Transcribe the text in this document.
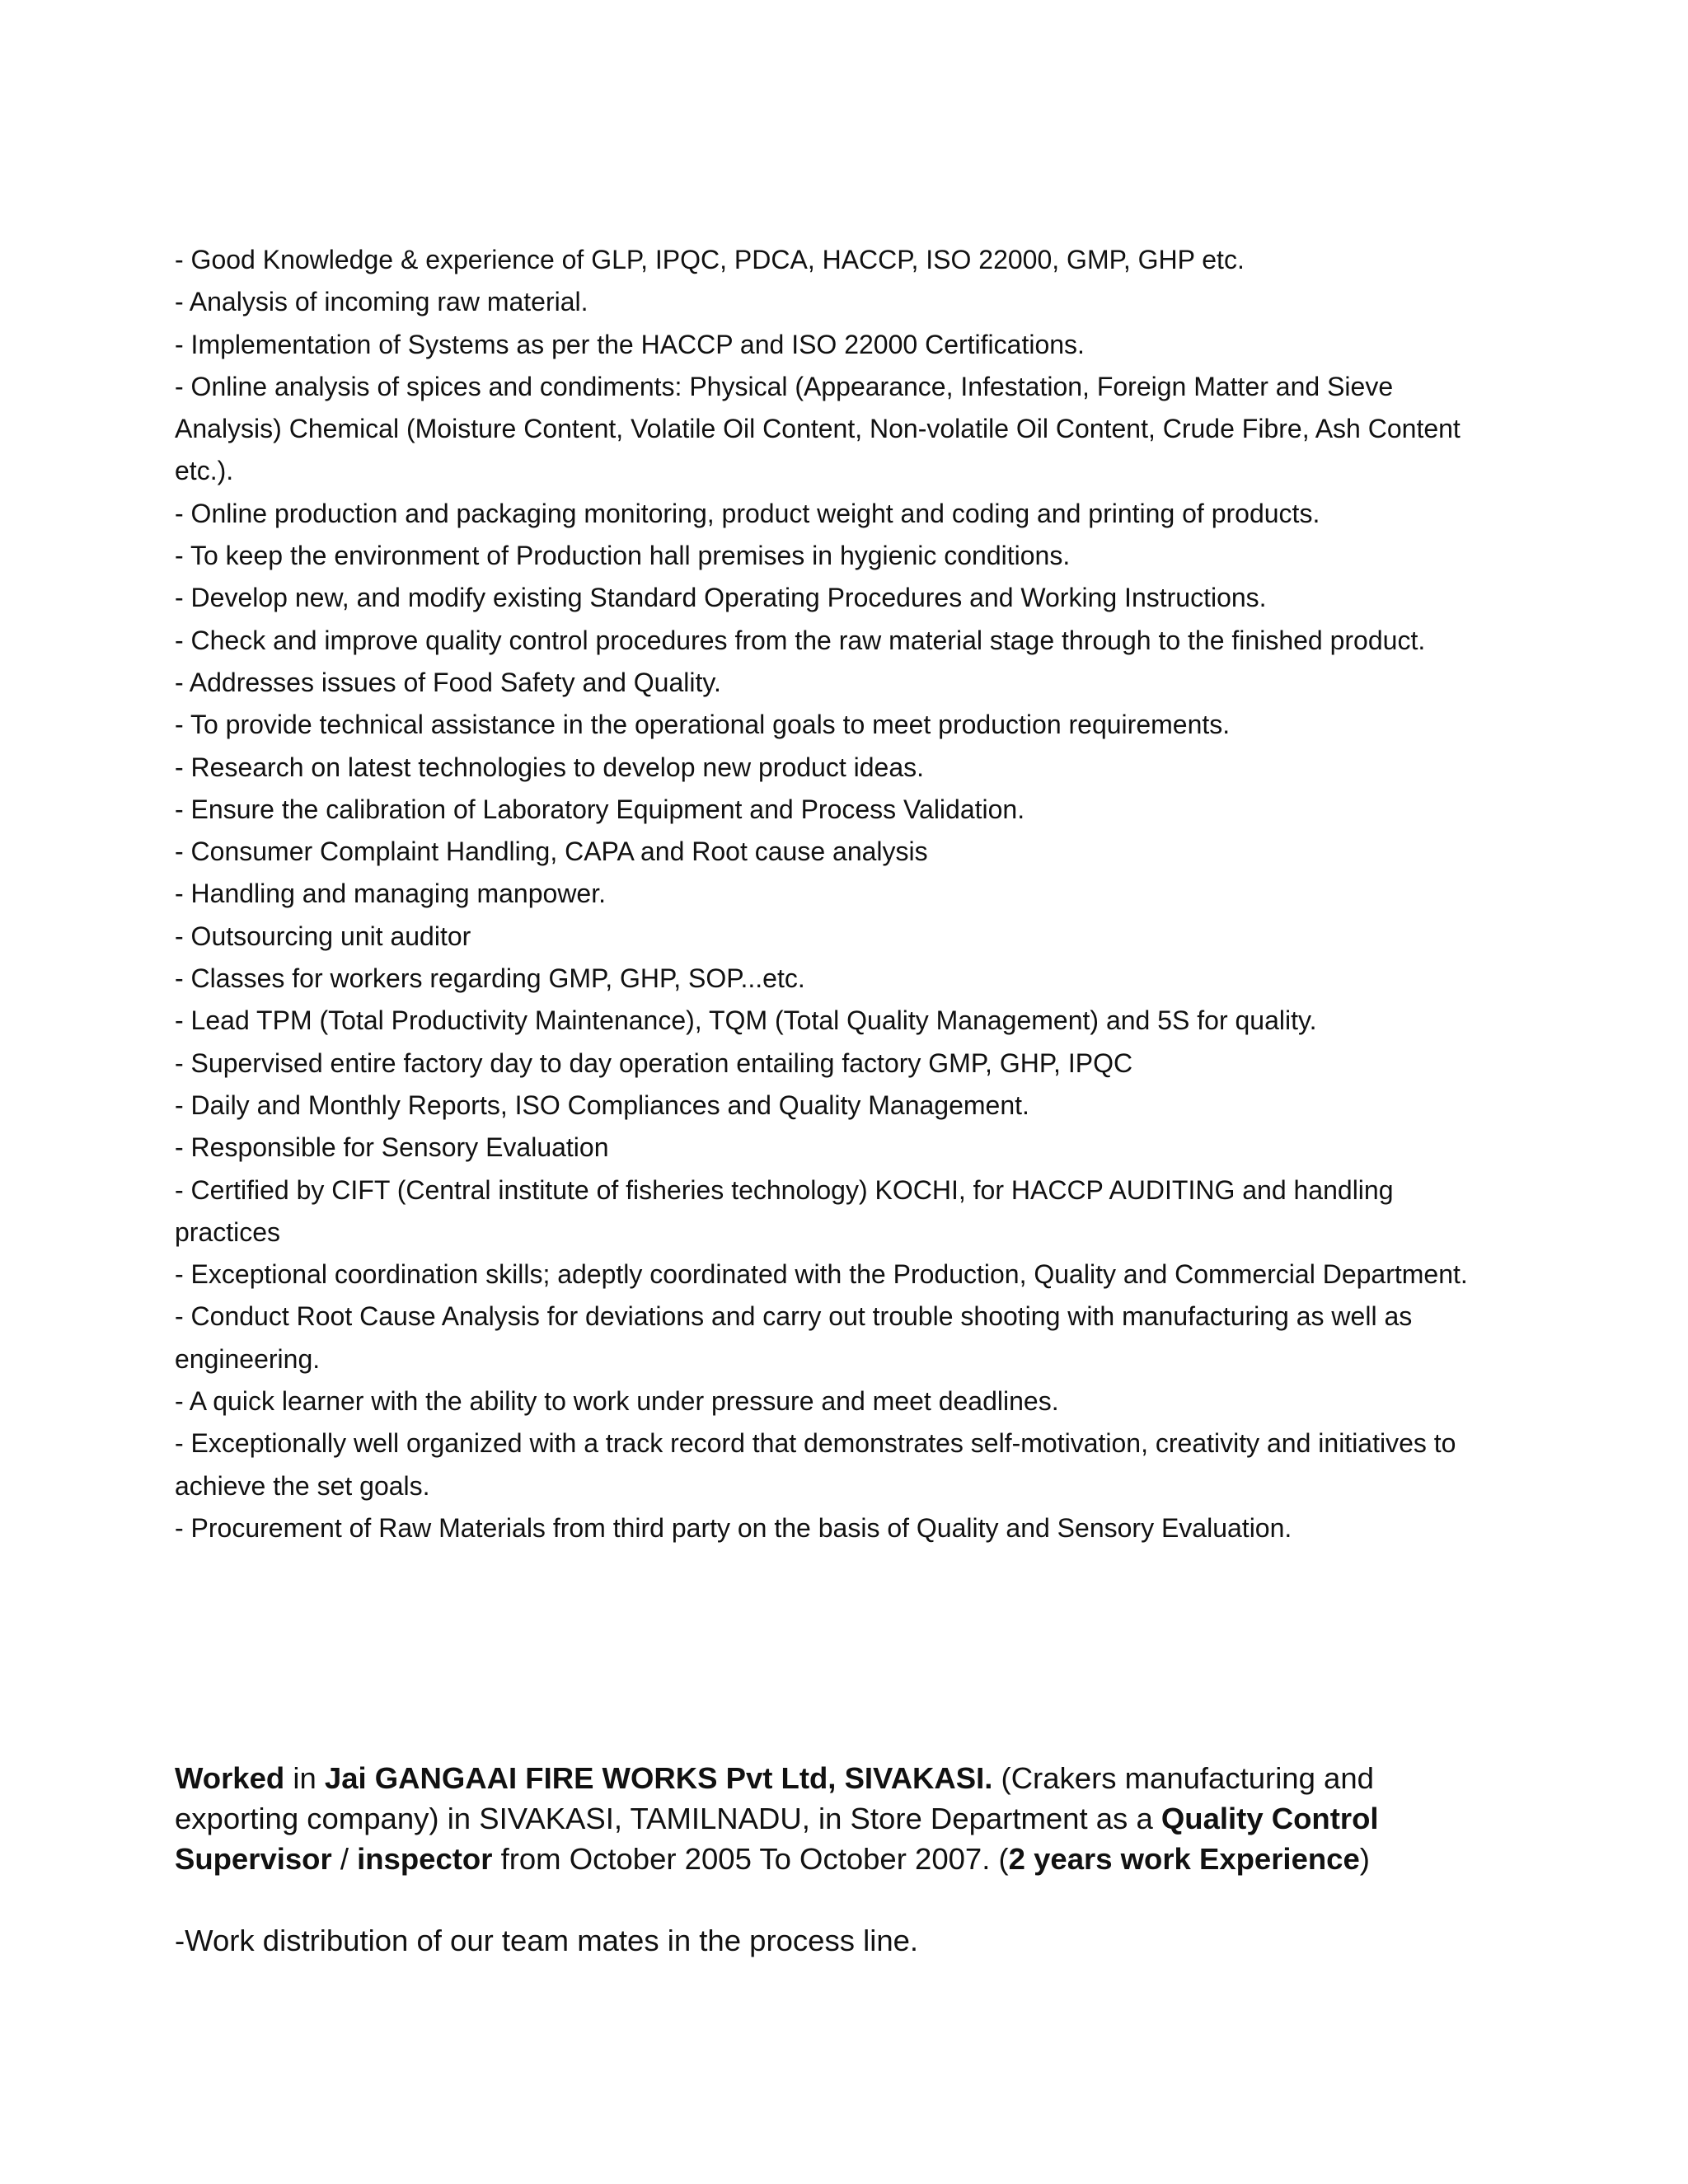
- Good Knowledge & experience of GLP, IPQC, PDCA, HACCP, ISO 22000, GMP, GHP etc.
- Analysis of incoming raw material.
- Implementation of Systems as per the HACCP and ISO 22000 Certifications.
- Online analysis of spices and condiments: Physical (Appearance, Infestation, Foreign Matter and Sieve Analysis) Chemical (Moisture Content, Volatile Oil Content, Non-volatile Oil Content, Crude Fibre, Ash Content etc.).
- Online production and packaging monitoring, product weight and coding and printing of products.
- To keep the environment of Production hall premises in hygienic conditions.
- Develop new, and modify existing Standard Operating Procedures and Working Instructions.
- Check and improve quality control procedures from the raw material stage through to the finished product.
- Addresses issues of Food Safety and Quality.
- To provide technical assistance in the operational goals to meet production requirements.
- Research on latest technologies to develop new product ideas.
- Ensure the calibration of Laboratory Equipment and Process Validation.
- Consumer Complaint Handling, CAPA and Root cause analysis
- Handling and managing manpower.
- Outsourcing unit auditor
- Classes for workers regarding GMP, GHP, SOP...etc.
- Lead TPM (Total Productivity Maintenance), TQM (Total Quality Management) and 5S for quality.
- Supervised entire factory day to day operation entailing factory GMP, GHP, IPQC
- Daily and Monthly Reports, ISO Compliances and Quality Management.
- Responsible for Sensory Evaluation
- Certified by CIFT (Central institute of fisheries technology) KOCHI, for HACCP AUDITING and handling practices
- Exceptional coordination skills; adeptly coordinated with the Production, Quality and Commercial Department.
- Conduct Root Cause Analysis for deviations and carry out trouble shooting with manufacturing as well as engineering.
- A quick learner with the ability to work under pressure and meet deadlines.
- Exceptionally well organized with a track record that demonstrates self-motivation, creativity and initiatives to achieve the set goals.
- Procurement of Raw Materials from third party on the basis of Quality and Sensory Evaluation.

Worked in Jai GANGAAI FIRE WORKS Pvt Ltd, SIVAKASI. (Crakers manufacturing and exporting company) in SIVAKASI, TAMILNADU, in Store Department as a Quality Control Supervisor / inspector from October 2005 To October 2007. (2 years work Experience)

-Work distribution of our team mates in the process line.
